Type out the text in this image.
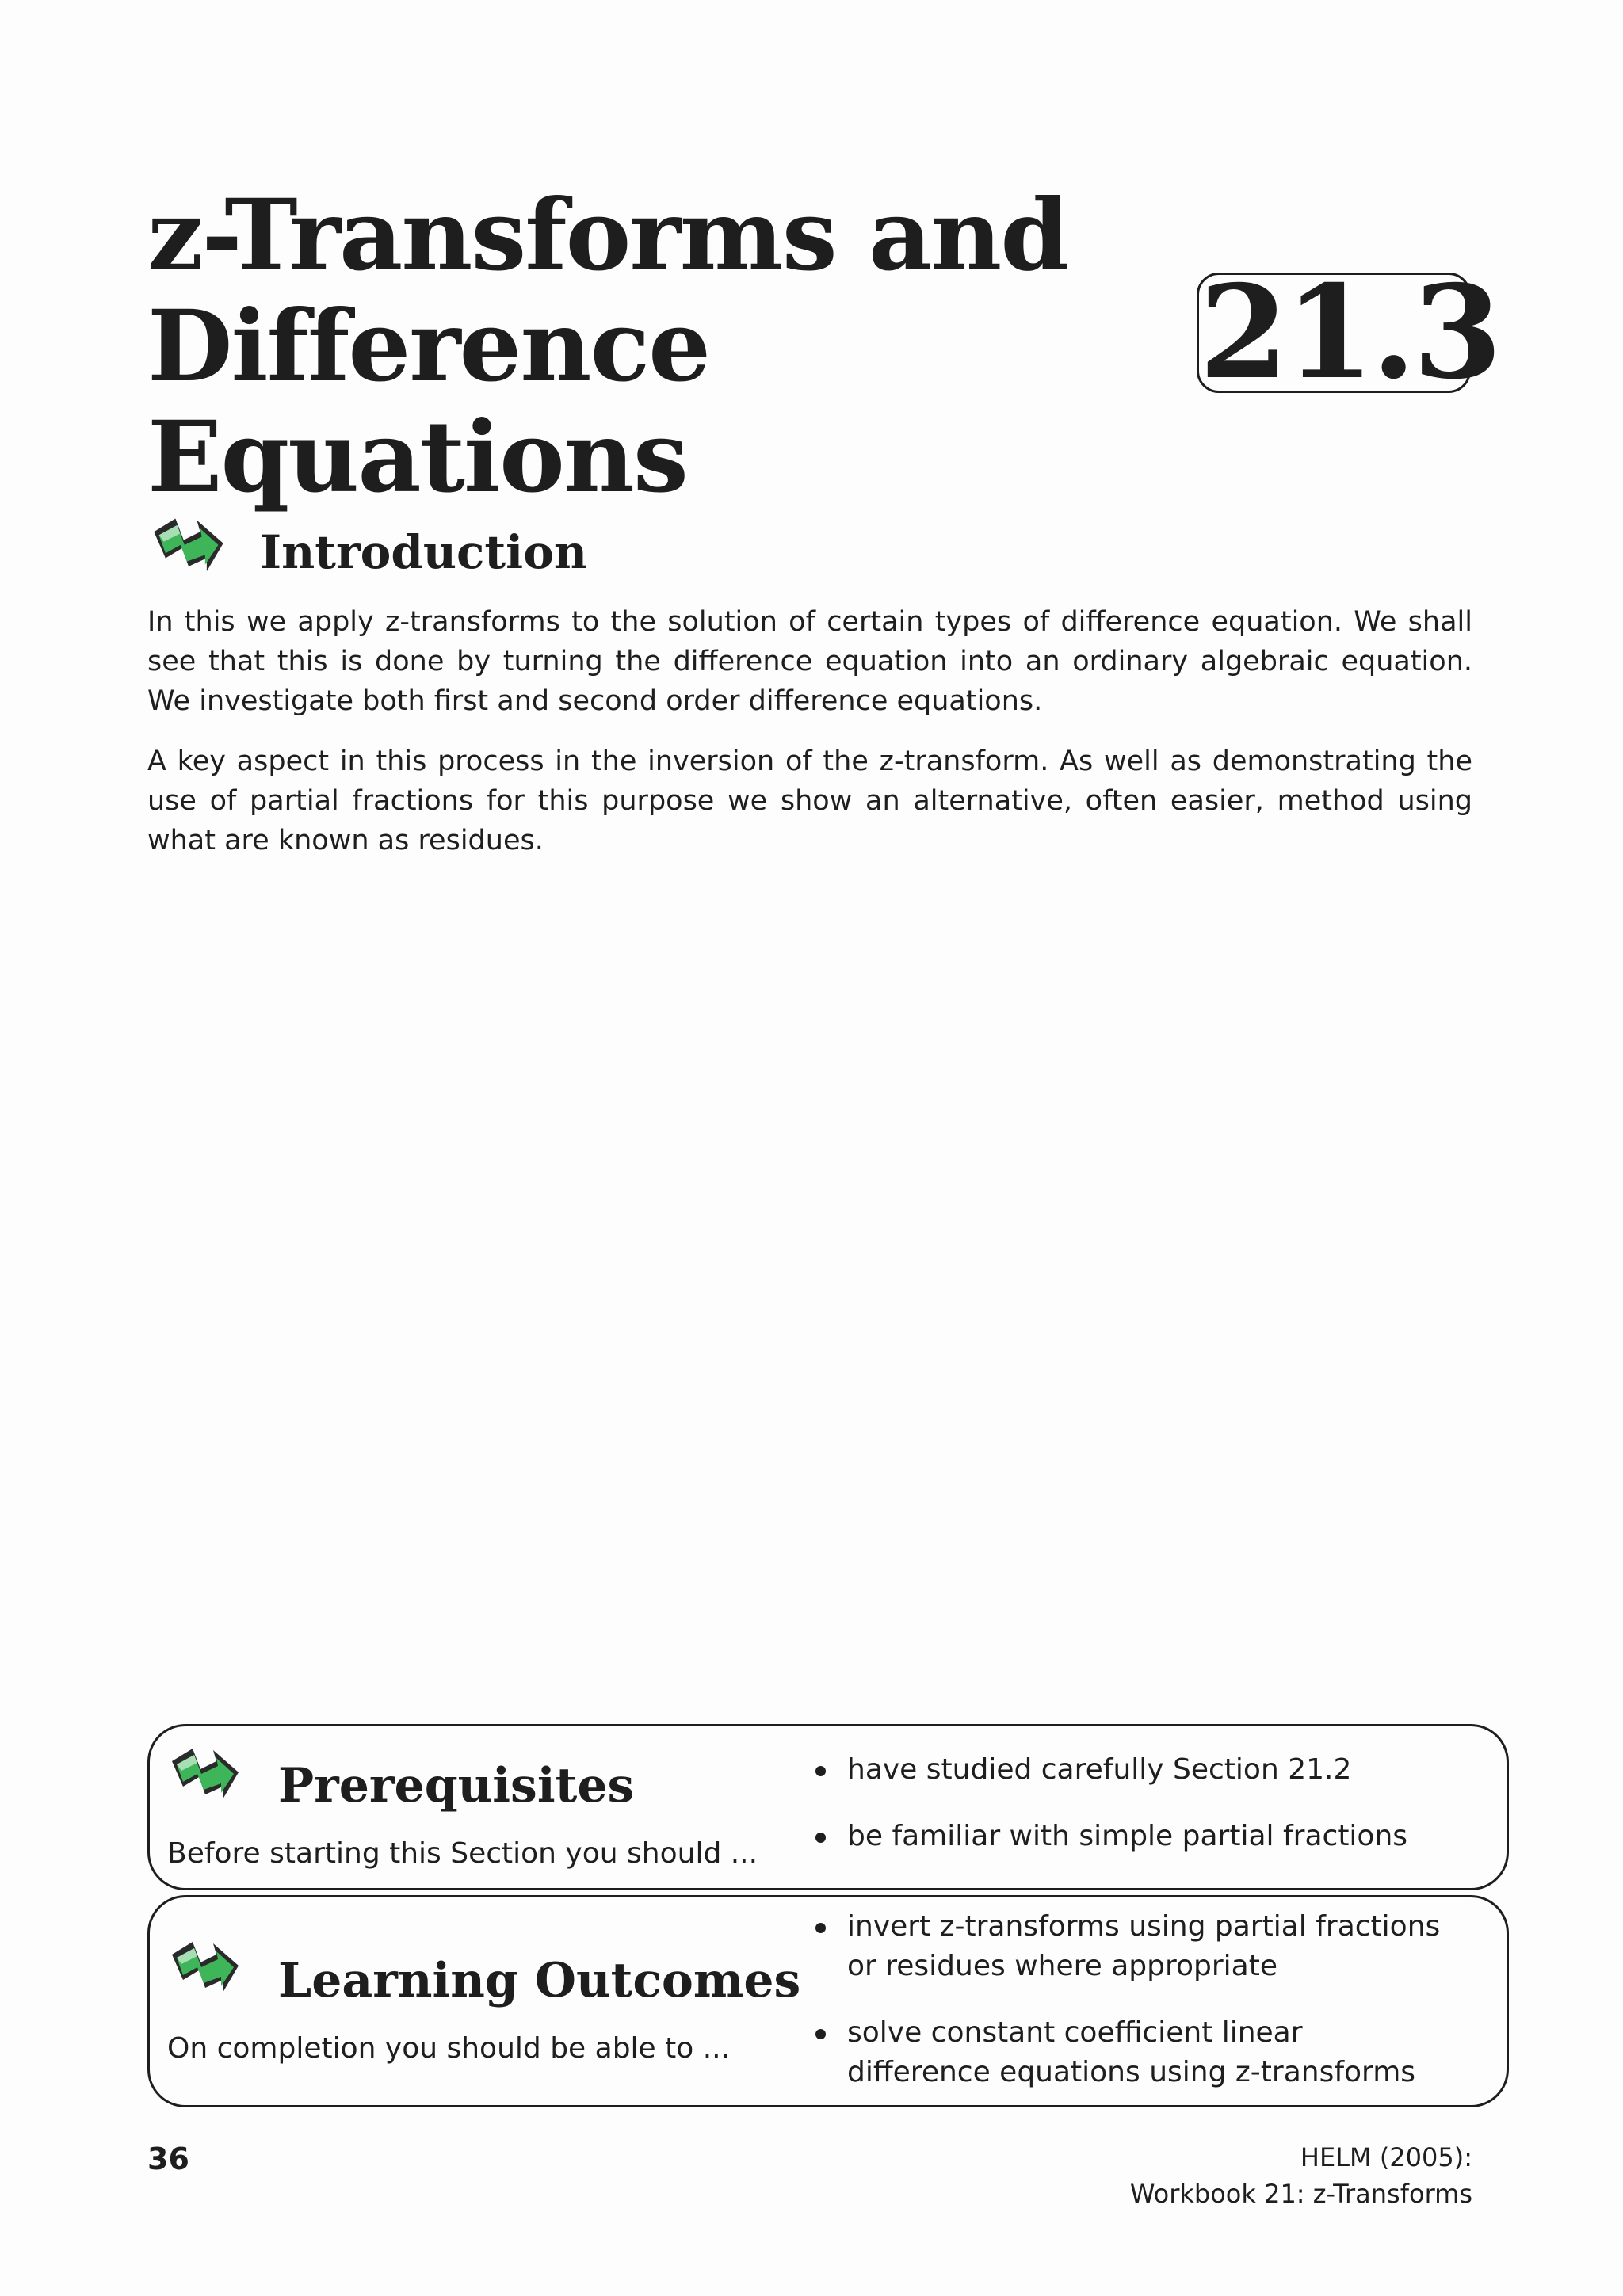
z-Transforms and
Difference Equations
21.3
Introduction
In this we apply z-transforms to the solution of certain types of difference equation. We shall see that this is done by turning the difference equation into an ordinary algebraic equation. We investigate both first and second order difference equations.
A key aspect in this process in the inversion of the z-transform. As well as demonstrating the use of partial fractions for this purpose we show an alternative, often easier, method using what are known as residues.
Prerequisites
Before starting this Section you should ...
have studied carefully Section 21.2
be familiar with simple partial fractions
Learning Outcomes
On completion you should be able to ...
invert z-transforms using partial fractions or residues where appropriate
solve constant coefficient linear difference equations using z-transforms
36	HELM (2005):
Workbook 21: z-Transforms
